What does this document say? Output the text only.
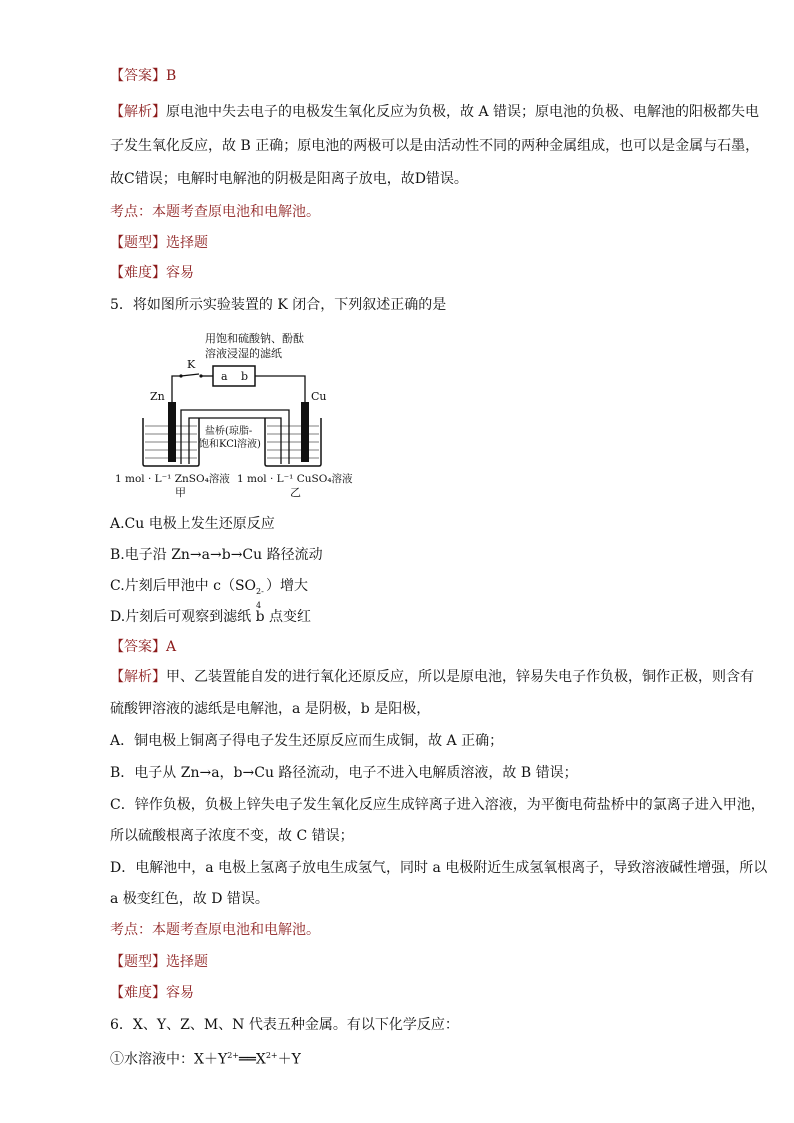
【答案】B
【解析】原电池中失去电子的电极发生氧化反应为负极，故 A 错误；原电池的负极、电解池的阳极都失电
子发生氧化反应，故 B 正确；原电池的两极可以是由活动性不同的两种金属组成，也可以是金属与石墨，
故C错误；电解时电解池的阴极是阳离子放电，故D错误。
考点：本题考查原电池和电解池。
【题型】选择题
【难度】容易
5．将如图所示实验装置的 K 闭合，下列叙述正确的是
用饱和硫酸钠、酚酞
溶液浸湿的滤纸
a b
K
Zn	Cu
盐桥(琼脂-
饱和KCl溶液)
1 mol · L⁻¹ ZnSO₄溶液 1 mol · L⁻¹ CuSO₄溶液
甲	乙
A.Cu 电极上发生还原反应
B.电子沿 Zn→a→b→Cu 路径流动
C.片刻后甲池中 c（SO 2-
4
）增大
D.片刻后可观察到滤纸 b 点变红
【答案】A
【解析】甲、乙装置能自发的进行氧化还原反应，所以是原电池，锌易失电子作负极，铜作正极，则含有
硫酸钾溶液的滤纸是电解池，a 是阴极，b 是阳极，
A．铜电极上铜离子得电子发生还原反应而生成铜，故 A 正确；
B．电子从 Zn→a，b→Cu 路径流动，电子不进入电解质溶液，故 B 错误；
C．锌作负极，负极上锌失电子发生氧化反应生成锌离子进入溶液，为平衡电荷盐桥中的氯离子进入甲池，
所以硫酸根离子浓度不变，故 C 错误；
D．电解池中，a 电极上氢离子放电生成氢气，同时 a 电极附近生成氢氧根离子，导致溶液碱性增强，所以
a 极变红色，故 D 错误。
考点：本题考查原电池和电解池。
【题型】选择题
【难度】容易
6．X、Y、Z、M、N 代表五种金属。有以下化学反应：
①水溶液中：$X+Y^{2+}══X^{2+}+Y$
